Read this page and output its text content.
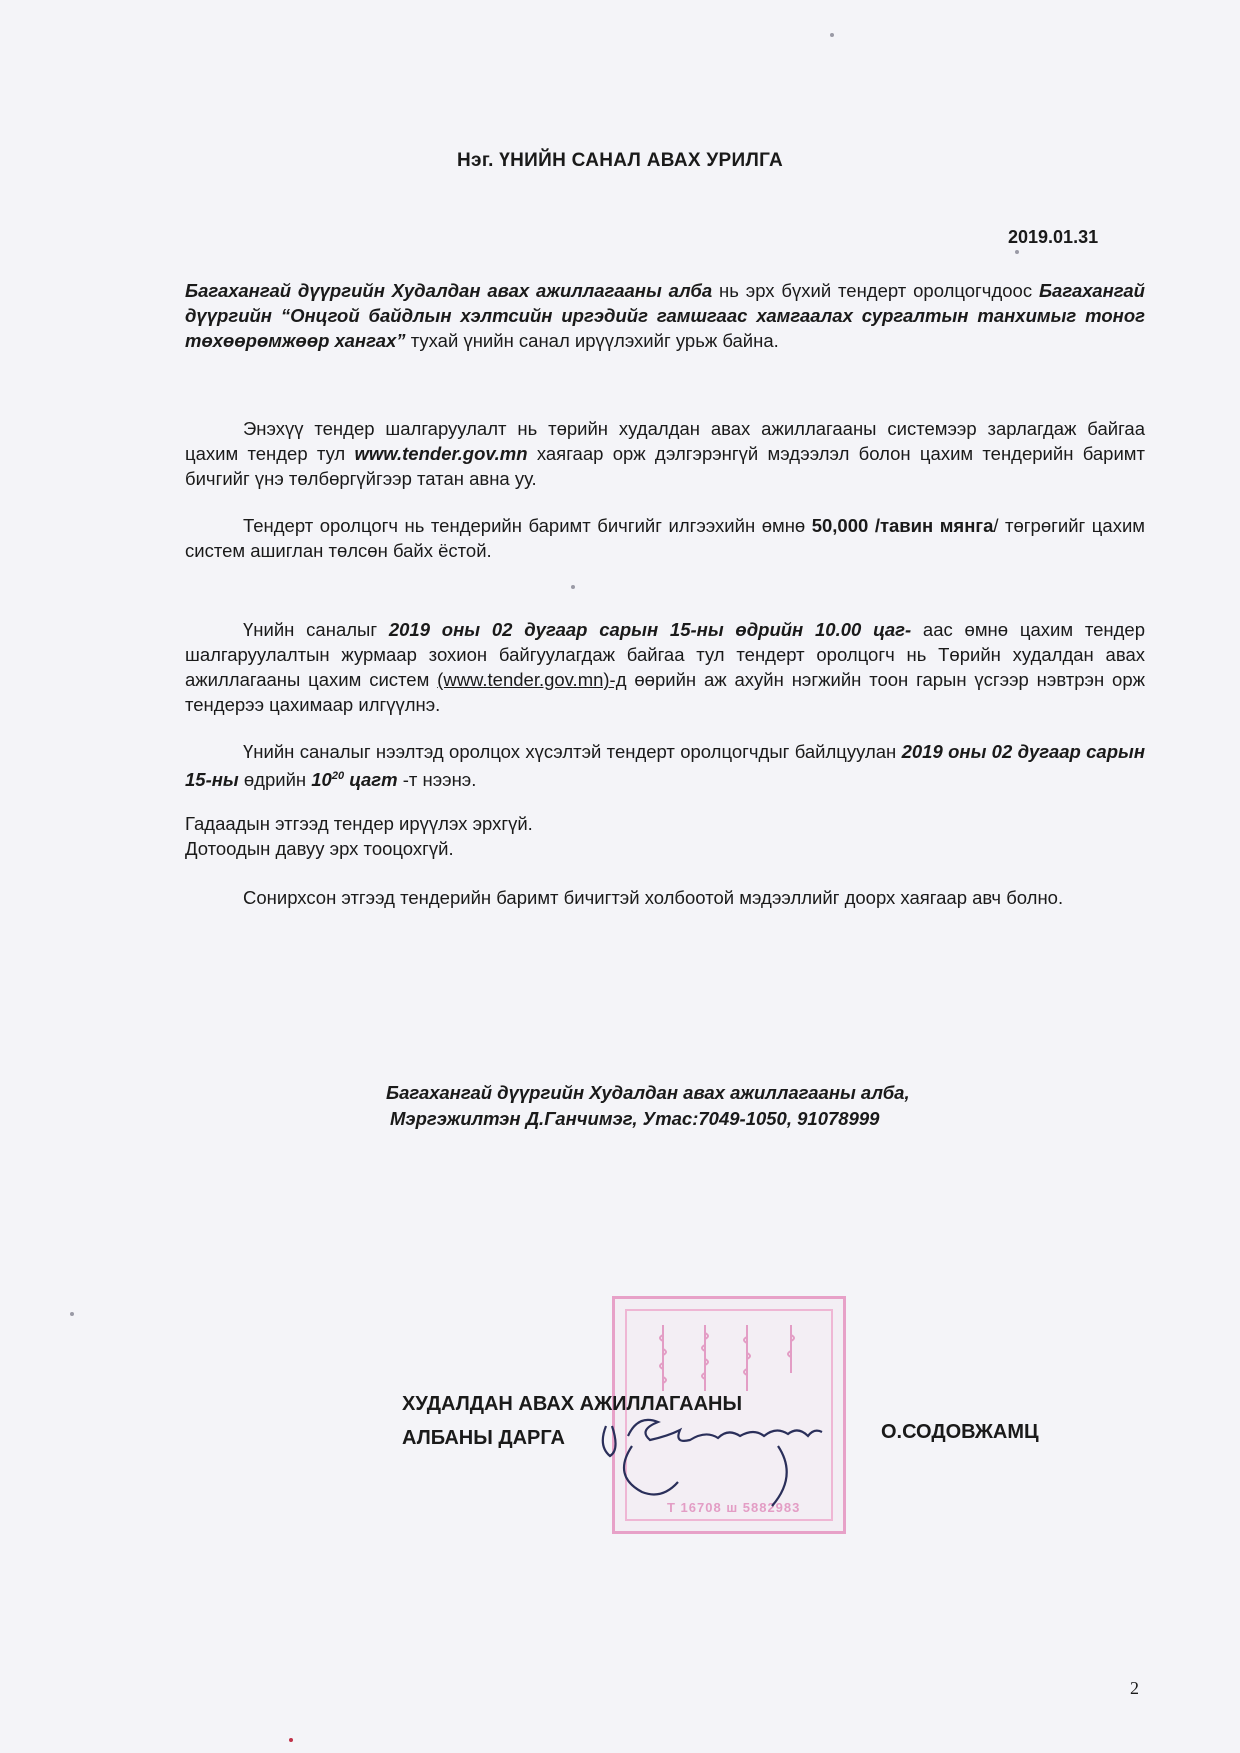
Нэг. ҮНИЙН САНАЛ АВАХ УРИЛГА
2019.01.31
Багахангай дүүргийн Худалдан авах ажиллагааны алба нь эрх бүхий тендерт оролцогчдоос Багахангай дүүргийн “Онцгой байдлын хэлтсийн иргэдийг гамшгаас хамгаалах сургалтын танхимыг тоног төхөөрөмжөөр хангах” тухай үнийн санал ирүүлэхийг урьж байна.
Энэхүү тендер шалгаруулалт нь төрийн худалдан авах ажиллагааны системээр зарлагдаж байгаа цахим тендер тул www.tender.gov.mn хаягаар орж дэлгэрэнгүй мэдээлэл болон цахим тендерийн баримт бичгийг үнэ төлбөргүйгээр татан авна уу.
Тендерт оролцогч нь тендерийн баримт бичгийг илгээхийн өмнө 50,000 /тавин мянга/ төгрөгийг цахим систем ашиглан төлсөн байх ёстой.
Үнийн саналыг 2019 оны 02 дугаар сарын 15-ны өдрийн 10.00 цаг- аас өмнө цахим тендер шалгаруулалтын журмаар зохион байгуулагдаж байгаа тул тендерт оролцогч нь Төрийн худалдан авах ажиллагааны цахим систем (www.tender.gov.mn)-д өөрийн аж ахуйн нэгжийн тоон гарын үсгээр нэвтрэн орж тендерээ цахимаар илгүүлнэ.
Үнийн саналыг нээлтэд оролцох хүсэлтэй тендерт оролцогчдыг байлцуулан 2019 оны 02 дугаар сарын 15-ны өдрийн $10^{20}$ цагт -т нээнэ.
Гадаадын этгээд тендер ирүүлэх эрхгүй.
Дотоодын давуу эрх тооцохгүй.
Сонирхсон этгээд тендерийн баримт бичигтэй холбоотой мэдээллийг доорх хаягаар авч болно.
Багахангай дүүргийн Худалдан авах ажиллагааны алба,
Мэргэжилтэн Д.Ганчимэг, Утас:7049-1050, 91078999
Т 16708 ш 5882983
ХУДАЛДАН АВАХ АЖИЛЛАГААНЫ
АЛБАНЫ ДАРГА	О.СОДОВЖАМЦ
2
